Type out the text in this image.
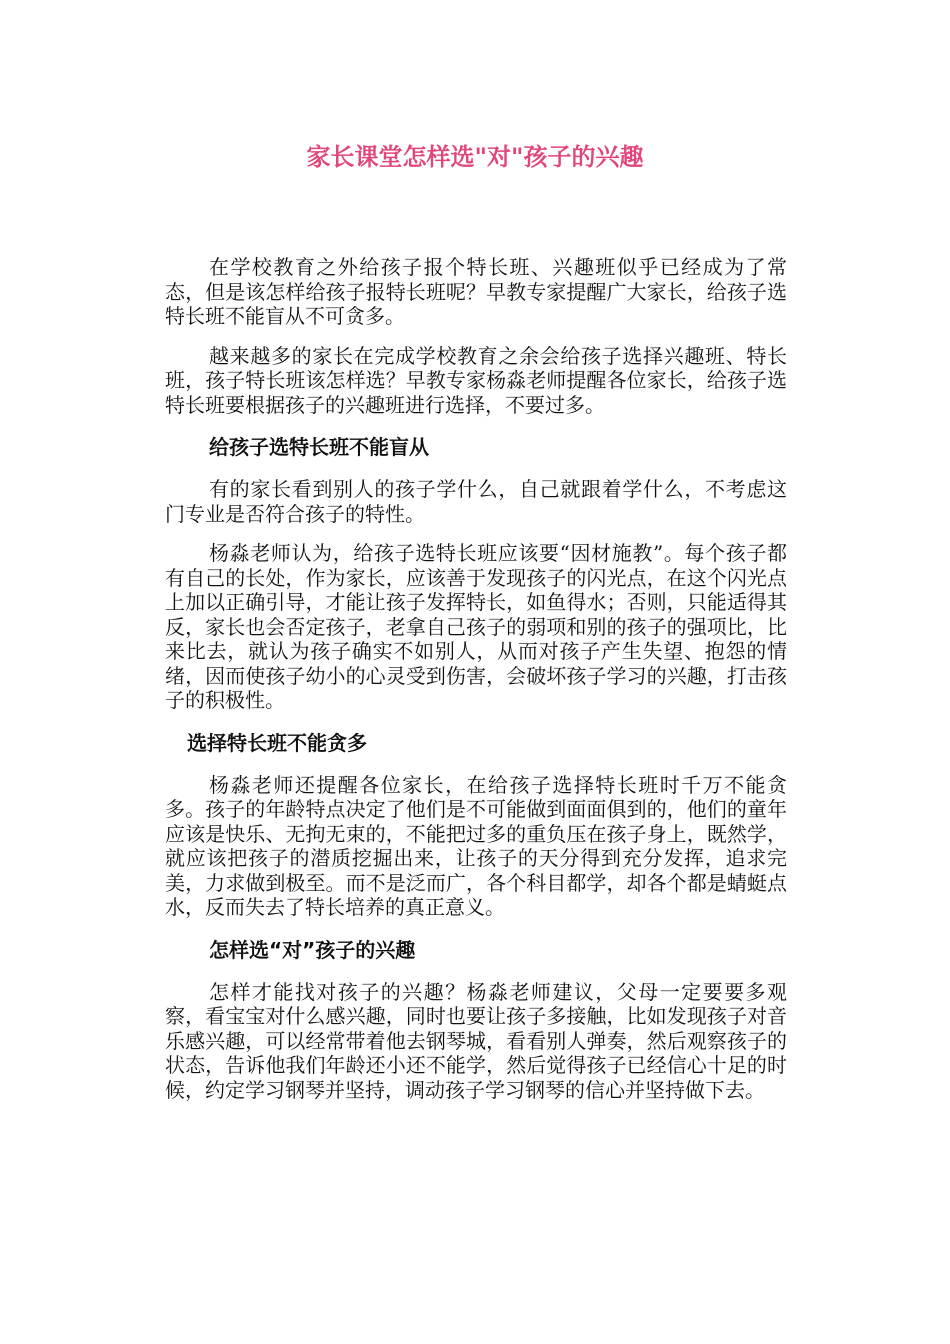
家长课堂怎样选"对"孩子的兴趣

在学校教育之外给孩子报个特长班、兴趣班似乎已经成为了常态，但是该怎样给孩子报特长班呢？早教专家提醒广大家长，给孩子选特长班不能盲从不可贪多。

越来越多的家长在完成学校教育之余会给孩子选择兴趣班、特长班，孩子特长班该怎样选？早教专家杨淼老师提醒各位家长，给孩子选特长班要根据孩子的兴趣班进行选择，不要过多。

给孩子选特长班不能盲从

有的家长看到别人的孩子学什么，自己就跟着学什么，不考虑这门专业是否符合孩子的特性。

杨淼老师认为，给孩子选特长班应该要“因材施教”。每个孩子都有自己的长处，作为家长，应该善于发现孩子的闪光点，在这个闪光点上加以正确引导，才能让孩子发挥特长，如鱼得水；否则，只能适得其反，家长也会否定孩子，老拿自己孩子的弱项和别的孩子的强项比，比来比去，就认为孩子确实不如别人，从而对孩子产生失望、抱怨的情绪，因而使孩子幼小的心灵受到伤害，会破坏孩子学习的兴趣，打击孩子的积极性。

选择特长班不能贪多

杨淼老师还提醒各位家长，在给孩子选择特长班时千万不能贪多。孩子的年龄特点决定了他们是不可能做到面面俱到的，他们的童年应该是快乐、无拘无束的，不能把过多的重负压在孩子身上，既然学，就应该把孩子的潜质挖掘出来，让孩子的天分得到充分发挥，追求完美，力求做到极至。而不是泛而广，各个科目都学，却各个都是蜻蜓点水，反而失去了特长培养的真正意义。

怎样选“对”孩子的兴趣

怎样才能找对孩子的兴趣？杨淼老师建议，父母一定要要多观察，看宝宝对什么感兴趣，同时也要让孩子多接触，比如发现孩子对音乐感兴趣，可以经常带着他去钢琴城，看看别人弹奏，然后观察孩子的状态，告诉他我们年龄还小还不能学，然后觉得孩子已经信心十足的时候，约定学习钢琴并坚持，调动孩子学习钢琴的信心并坚持做下去。
